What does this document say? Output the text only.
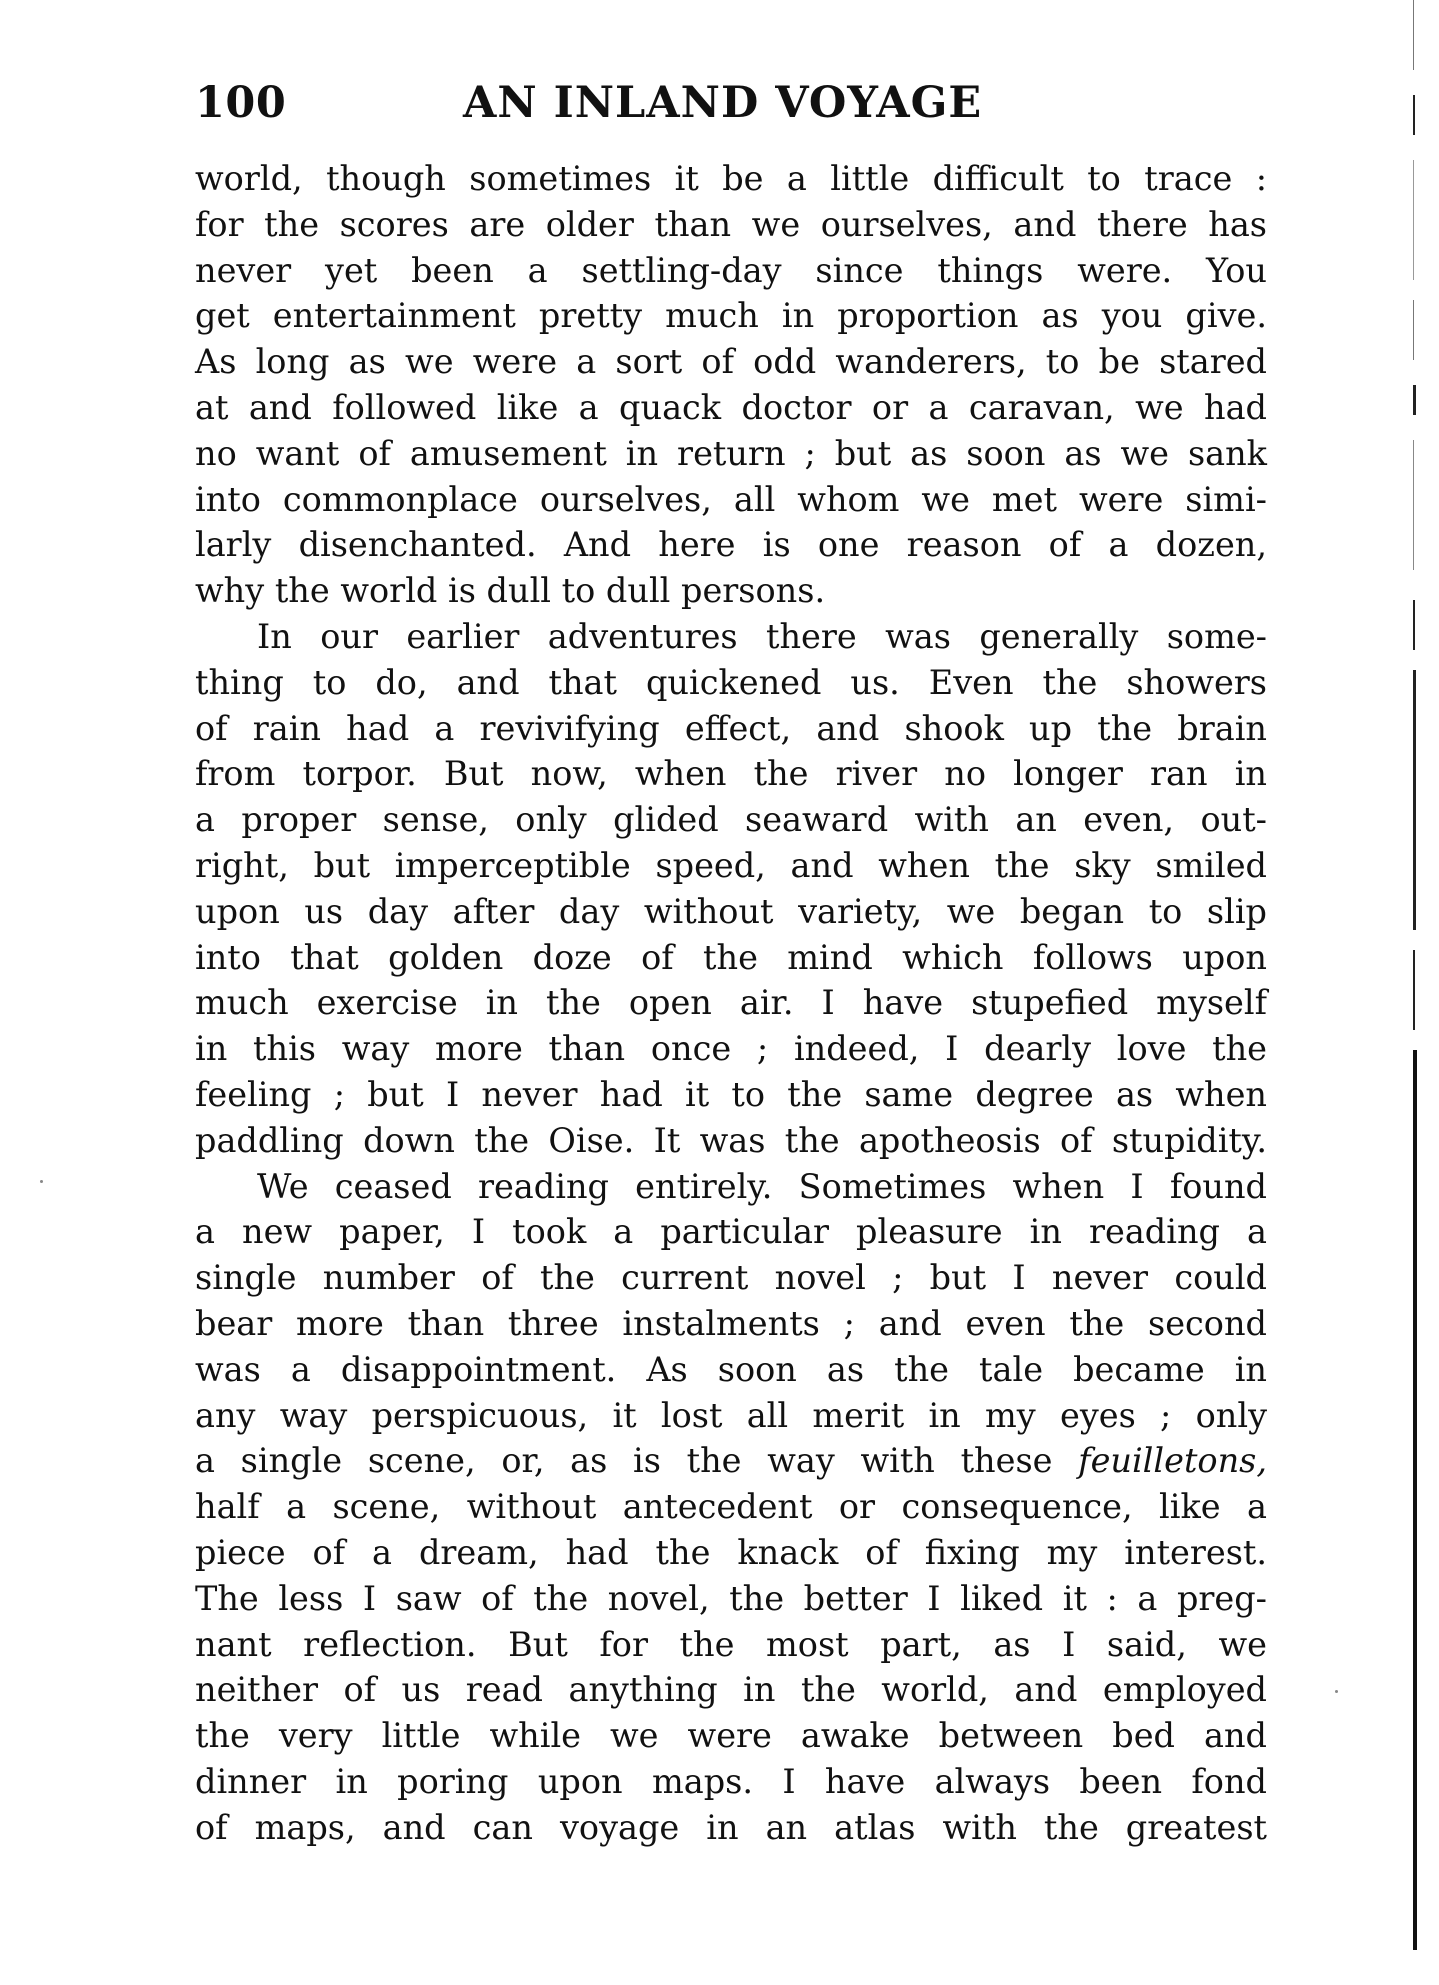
100	AN INLAND VOYAGE
world, though sometimes it be a little difficult to trace :
for the scores are older than we ourselves, and there has
never yet been a settling-day since things were. You
get entertainment pretty much in proportion as you give.
As long as we were a sort of odd wanderers, to be stared
at and followed like a quack doctor or a caravan, we had
no want of amusement in return ; but as soon as we sank
into commonplace ourselves, all whom we met were simi-
larly disenchanted. And here is one reason of a dozen,
why the world is dull to dull persons.
In our earlier adventures there was generally some-
thing to do, and that quickened us. Even the showers
of rain had a revivifying effect, and shook up the brain
from torpor. But now, when the river no longer ran in
a proper sense, only glided seaward with an even, out-
right, but imperceptible speed, and when the sky smiled
upon us day after day without variety, we began to slip
into that golden doze of the mind which follows upon
much exercise in the open air. I have stupefied myself
in this way more than once ; indeed, I dearly love the
feeling ; but I never had it to the same degree as when
paddling down the Oise. It was the apotheosis of stupidity.
We ceased reading entirely. Sometimes when I found
a new paper, I took a particular pleasure in reading a
single number of the current novel ; but I never could
bear more than three instalments ; and even the second
was a disappointment. As soon as the tale became in
any way perspicuous, it lost all merit in my eyes ; only
a single scene, or, as is the way with these feuilletons,
half a scene, without antecedent or consequence, like a
piece of a dream, had the knack of fixing my interest.
The less I saw of the novel, the better I liked it : a preg-
nant reflection. But for the most part, as I said, we
neither of us read anything in the world, and employed
the very little while we were awake between bed and
dinner in poring upon maps. I have always been fond
of maps, and can voyage in an atlas with the greatest
